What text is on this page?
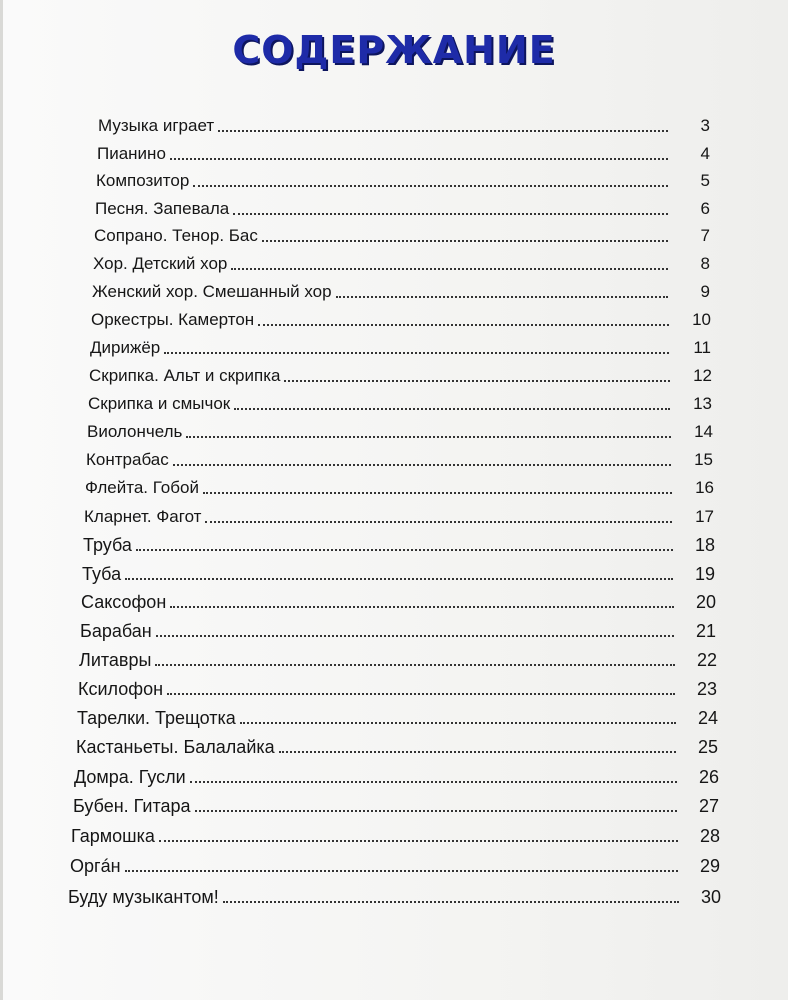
СОДЕРЖАНИЕ
Музыка играет	3
Пианино	4
Композитор	5
Песня. Запевала	6
Сопрано. Тенор. Бас	7
Хор. Детский хор	8
Женский хор. Смешанный хор	9
Оркестры. Камертон	10
Дирижёр	11
Скрипка. Альт и скрипка	12
Скрипка и смычок	13
Виолончель	14
Контрабас	15
Флейта. Гобой	16
Кларнет. Фагот	17
Труба	18
Туба	19
Саксофон	20
Барабан	21
Литавры	22
Ксилофон	23
Тарелки. Трещотка	24
Кастаньеты. Балалайка	25
Домра. Гусли	26
Бубен. Гитара	27
Гармошка	28
Оргáн	29
Буду музыкантом!	30
